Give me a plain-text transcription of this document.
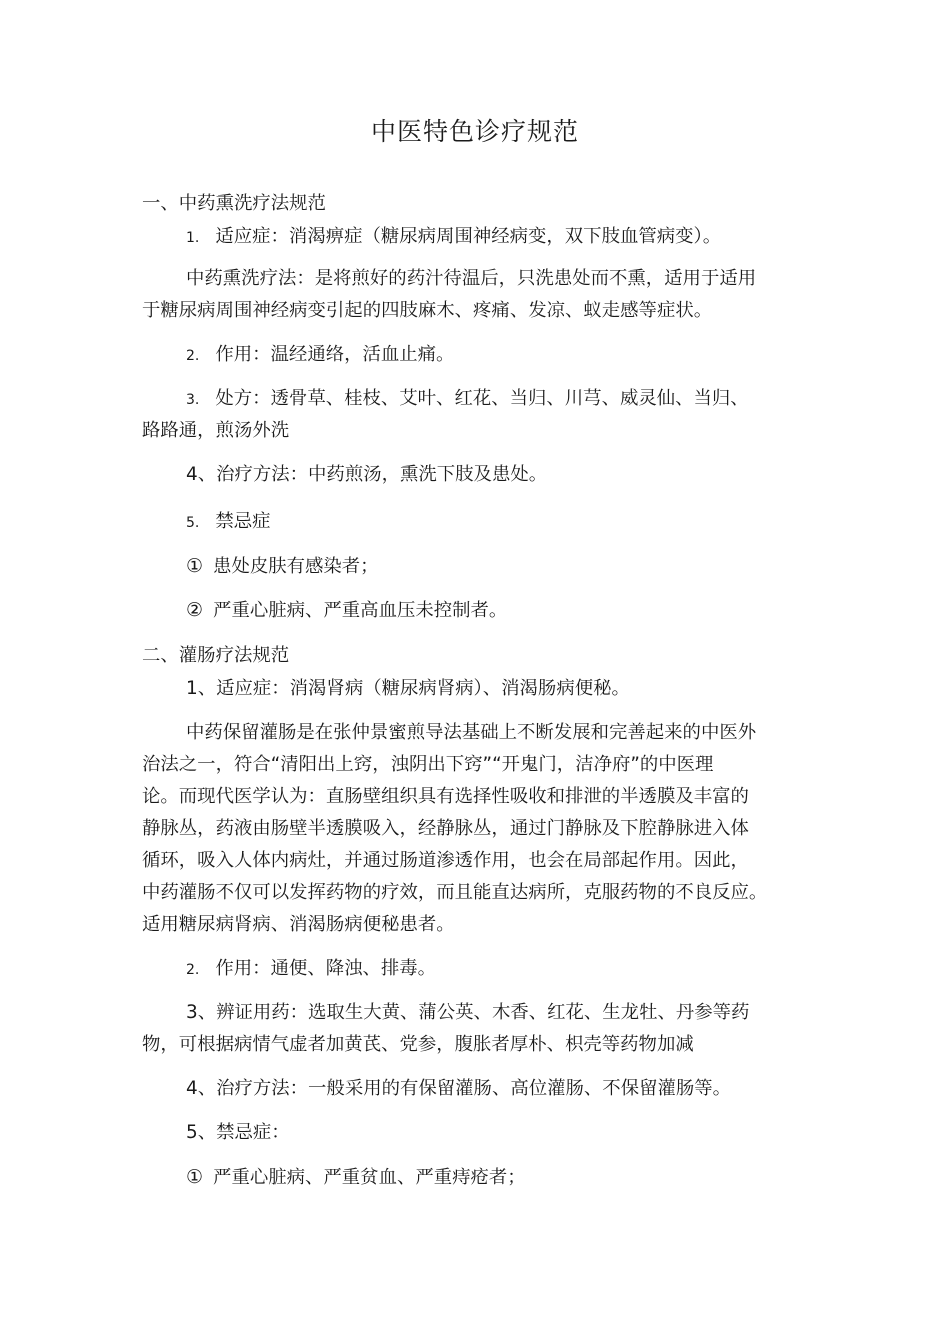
中医特色诊疗规范
一、中药熏洗疗法规范
1. 适应症：消渴痹症（糖尿病周围神经病变，双下肢血管病变）。
中药熏洗疗法：是将煎好的药汁待温后，只洗患处而不熏，适用于适用
于糖尿病周围神经病变引起的四肢麻木、疼痛、发凉、蚁走感等症状。
2. 作用：温经通络，活血止痛。
3. 处方：透骨草、桂枝、艾叶、红花、当归、川芎、威灵仙、当归、
路路通，煎汤外洗
4、治疗方法：中药煎汤，熏洗下肢及患处。
5. 禁忌症
① 患处皮肤有感染者；
② 严重心脏病、严重高血压未控制者。
二、灌肠疗法规范
1、适应症：消渴肾病（糖尿病肾病）、消渴肠病便秘。
中药保留灌肠是在张仲景蜜煎导法基础上不断发展和完善起来的中医外
治法之一，符合“清阳出上窍，浊阴出下窍”“开鬼门，洁净府”的中医理
论。而现代医学认为：直肠壁组织具有选择性吸收和排泄的半透膜及丰富的
静脉丛，药液由肠壁半透膜吸入，经静脉丛，通过门静脉及下腔静脉进入体
循环，吸入人体内病灶，并通过肠道渗透作用，也会在局部起作用。因此，
中药灌肠不仅可以发挥药物的疗效，而且能直达病所，克服药物的不良反应。
适用糖尿病肾病、消渴肠病便秘患者。
2. 作用：通便、降浊、排毒。
3、辨证用药：选取生大黄、蒲公英、木香、红花、生龙牡、丹参等药
物，可根据病情气虚者加黄芪、党参，腹胀者厚朴、枳壳等药物加减
4、治疗方法：一般采用的有保留灌肠、高位灌肠、不保留灌肠等。
5、禁忌症：
① 严重心脏病、严重贫血、严重痔疮者；
